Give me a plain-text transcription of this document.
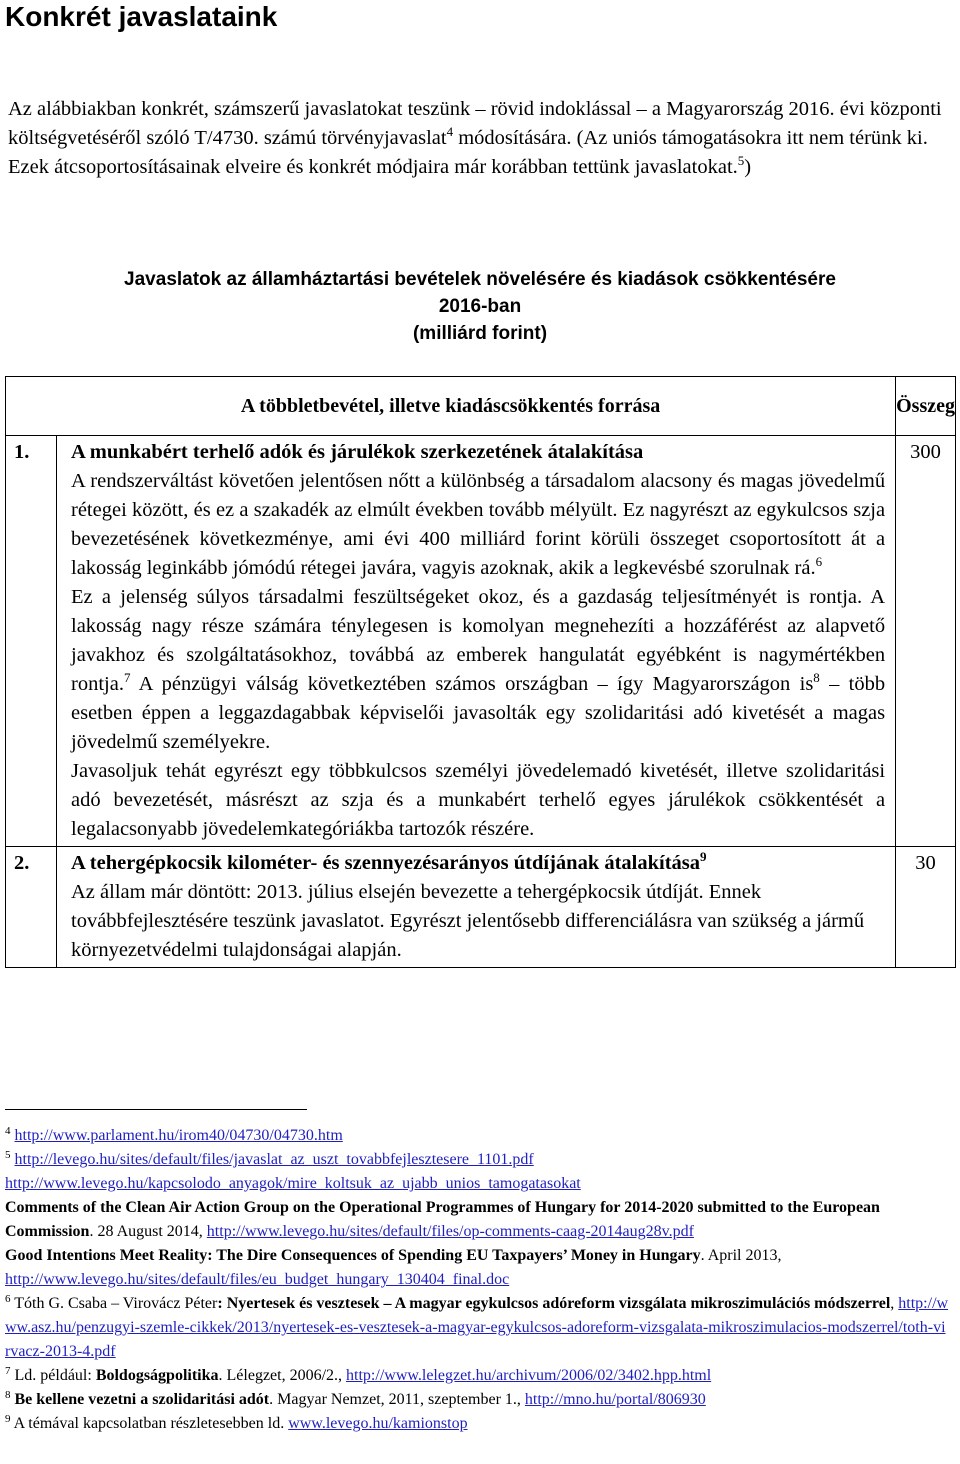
Konkrét javaslataink

Az alábbiakban konkrét, számszerű javaslatokat teszünk – rövid indoklással – a Magyarország 2016. évi központi költségvetéséről szóló T/4730. számú törvényjavaslat$^4$ módosítására. (Az uniós támogatásokra itt nem térünk ki. Ezek átcsoportosításainak elveire és konkrét módjaira már korábban tettünk javaslatokat.$^5$)

Javaslatok az államháztartási bevételek növelésére és kiadások csökkentésére
2016-ban
(milliárd forint)
A többletbevétel, illetve kiadáscsökkentés forrása		Összeg
1.	A munkabért terhelő adók és járulékok szerkezetének átalakítása
A rendszerváltást követően jelentősen nőtt a különbség a társadalom alacsony és magas jövedelmű rétegei között, és ez a szakadék az elmúlt években tovább mélyült. Ez nagyrészt az egykulcsos szja bevezetésének következménye, ami évi 400 milliárd forint körüli összeget csoportosított át a lakosság leginkább jómódú rétegei javára, vagyis azoknak, akik a legkevésbé szorulnak rá.$^6$
Ez a jelenség súlyos társadalmi feszültségeket okoz, és a gazdaság teljesítményét is rontja. A lakosság nagy része számára ténylegesen is komolyan megnehezíti a hozzáférést az alapvető javakhoz és szolgáltatásokhoz, továbbá az emberek hangulatát egyébként is nagymértékben rontja.$^7$ A pénzügyi válság következtében számos országban – így Magyarországon $is^8$ – több esetben éppen a leggazdagabbak képviselői javasolták egy szolidaritási adó kivetését a magas jövedelmű személyekre.
Javasoljuk tehát egyrészt egy többkulcsos személyi jövedelemadó kivetését, illetve szolidaritási adó bevezetését, másrészt az szja és a munkabért terhelő egyes járulékok csökkentését a legalacsonyabb jövedelemkategóriákba tartozók részére.	300
2.	A tehergépkocsik kilométer- és szennyezésarányos útdíjának átalakítása$^9$
Az állam már döntött: 2013. július elsején bevezette a tehergépkocsik útdíját. Ennek továbbfejlesztésére teszünk javaslatot. Egyrészt jelentősebb differenciálásra van szükség a jármű környezetvédelmi tulajdonságai alapján.	30

$^4$ http://www.parlament.hu/irom40/04730/04730.htm

$^5$ http://levego.hu/sites/default/files/javaslat_az_uszt_tovabbfejlesztesere_1101.pdf

http://www.levego.hu/kapcsolodo_anyagok/mire_koltsuk_az_ujabb_unios_tamogatasokat

Comments of the Clean Air Action Group on the Operational Programmes of Hungary for 2014-2020 submitted to the European Commission. 28 August 2014, http://www.levego.hu/sites/default/files/op-comments-caag-2014aug28v.pdf

Good Intentions Meet Reality: The Dire Consequences of Spending EU Taxpayers’ Money in Hungary. April 2013, http://www.levego.hu/sites/default/files/eu_budget_hungary_130404_final.doc

$^6$ Tóth G. Csaba – Virovácz Péter: Nyertesek és vesztesek – A magyar egykulcsos adóreform vizsgálata mikroszimulációs módszerrel, http://www.asz.hu/penzugyi-szemle-cikkek/2013/nyertesek-es-vesztesek-a-magyar-egykulcsos-adoreform-vizsgalata-mikroszimulacios-modszerrel/toth-virvacz-2013-4.pdf

$^7$ Ld. például: Boldogságpolitika. Lélegzet, 2006/2., http://www.lelegzet.hu/archivum/2006/02/3402.hpp.html

$^8$ Be kellene vezetni a szolidaritási adót. Magyar Nemzet, 2011, szeptember 1., http://mno.hu/portal/806930

$^9$ A témával kapcsolatban részletesebben ld. www.levego.hu/kamionstop
